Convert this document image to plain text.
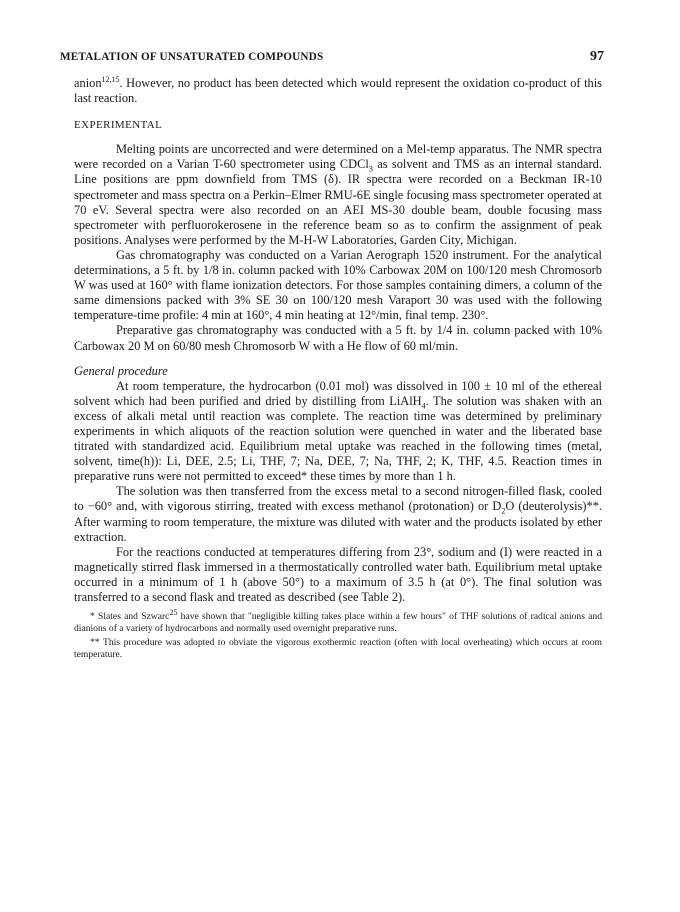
METALATION OF UNSATURATED COMPOUNDS	97

anion$^{12,15}$. However, no product has been detected which would represent the oxidation co-product of this last reaction.

EXPERIMENTAL

Melting points are uncorrected and were determined on a Mel-temp apparatus. The NMR spectra were recorded on a Varian T-60 spectrometer using CDCl$_3$ as solvent and TMS as an internal standard. Line positions are ppm downfield from TMS (δ). IR spectra were recorded on a Beckman IR-10 spectrometer and mass spectra on a Perkin–Elmer RMU-6E single focusing mass spectrometer operated at 70 eV. Several spectra were also recorded on an AEI MS-30 double beam, double focusing mass spectrometer with perfluorokerosene in the reference beam so as to confirm the assignment of peak positions. Analyses were performed by the M-H-W Laboratories, Garden City, Michigan.

Gas chromatography was conducted on a Varian Aerograph 1520 instrument. For the analytical determinations, a 5 ft. by 1/8 in. column packed with 10% Carbowax 20M on 100/120 mesh Chromosorb W was used at 160° with flame ionization detectors. For those samples containing dimers, a column of the same dimensions packed with 3% SE 30 on 100/120 mesh Varaport 30 was used with the following temperature-time profile: 4 min at 160°, 4 min heating at 12°/min, final temp. 230°.

Preparative gas chromatography was conducted with a 5 ft. by 1/4 in. column packed with 10% Carbowax 20 M on 60/80 mesh Chromosorb W with a He flow of 60 ml/min.

General procedure

At room temperature, the hydrocarbon (0.01 mol) was dissolved in 100 ± 10 ml of the ethereal solvent which had been purified and dried by distilling from LiAlH$_4$. The solution was shaken with an excess of alkali metal until reaction was complete. The reaction time was determined by preliminary experiments in which aliquots of the reaction solution were quenched in water and the liberated base titrated with standardized acid. Equilibrium metal uptake was reached in the following times (metal, solvent, time(h)): Li, DEE, 2.5; Li, THF, 7; Na, DEE, 7; Na, THF, 2; K, THF, 4.5. Reaction times in preparative runs were not permitted to exceed* these times by more than 1 h.

The solution was then transferred from the excess metal to a second nitrogen-filled flask, cooled to −60° and, with vigorous stirring, treated with excess methanol (protonation) or $D_2O$ (deuterolysis)**. After warming to room temperature, the mixture was diluted with water and the products isolated by ether extraction.

For the reactions conducted at temperatures differing from 23°, sodium and (I) were reacted in a magnetically stirred flask immersed in a thermostatically controlled water bath. Equilibrium metal uptake occurred in a minimum of 1 h (above 50°) to a maximum of 3.5 h (at 0°). The final solution was transferred to a second flask and treated as described (see Table 2).

* Slates and Szwarc$^{25}$ have shown that "negligible killing takes place within a few hours" of THF solutions of radical anions and dianions of a variety of hydrocarbons and normally used overnight preparative runs.

** This procedure was adopted to obviate the vigorous exothermic reaction (often with local overheating) which occurs at room temperature.
